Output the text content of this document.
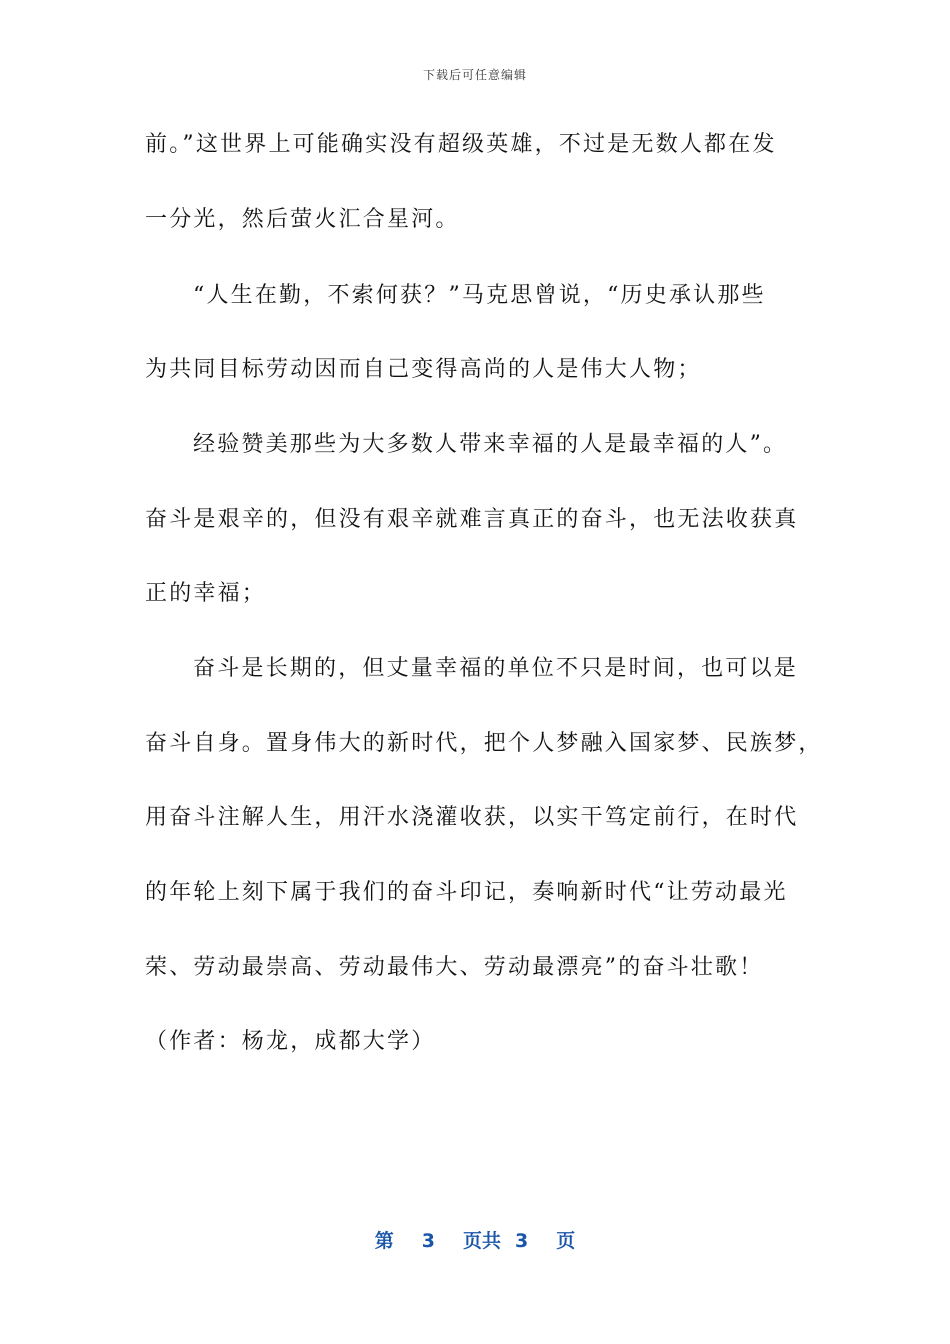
下载后可任意编辑
前。”这世界上可能确实没有超级英雄，不过是无数人都在发
一分光，然后萤火汇合星河。
“人生在勤，不索何获？”马克思曾说，“历史承认那些
为共同目标劳动因而自己变得高尚的人是伟大人物；
经验赞美那些为大多数人带来幸福的人是最幸福的人”。
奋斗是艰辛的，但没有艰辛就难言真正的奋斗，也无法收获真
正的幸福；
奋斗是长期的，但丈量幸福的单位不只是时间，也可以是
奋斗自身。置身伟大的新时代，把个人梦融入国家梦、民族梦，
用奋斗注解人生，用汗水浇灌收获，以实干笃定前行，在时代
的年轮上刻下属于我们的奋斗印记，奏响新时代“让劳动最光
荣、劳动最崇高、劳动最伟大、劳动最漂亮”的奋斗壮歌！
（作者：杨龙，成都大学）
第 3 页共 3 页
